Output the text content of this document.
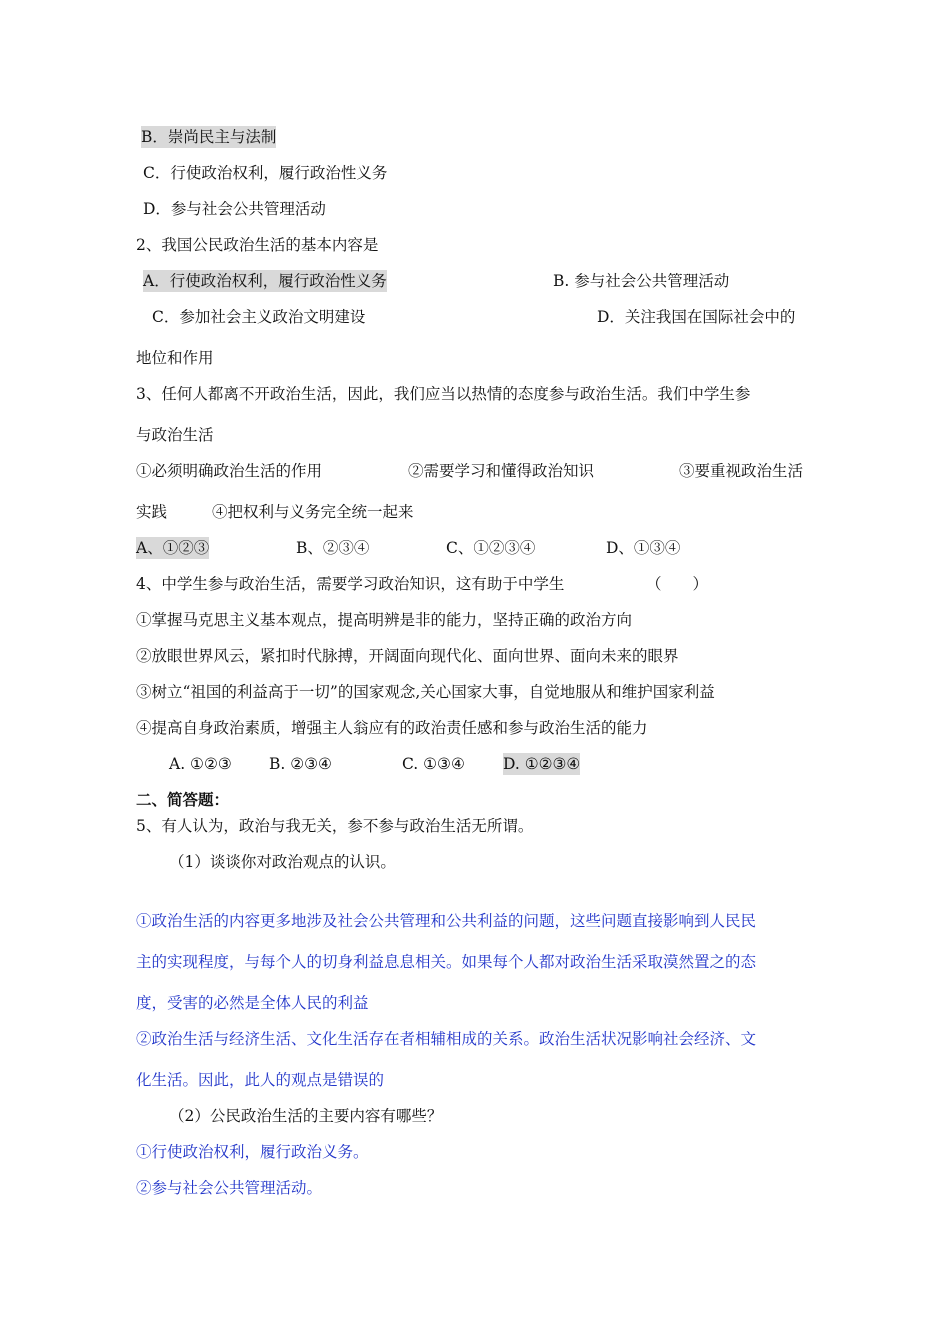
B．崇尚民主与法制
C．行使政治权利，履行政治性义务
D．参与社会公共管理活动
2、我国公民政治生活的基本内容是
A．行使政治权利，履行政治性义务	B. 参与社会公共管理活动
C．参加社会主义政治文明建设	D．关注我国在国际社会中的
地位和作用
3、任何人都离不开政治生活，因此，我们应当以热情的态度参与政治生活。我们中学生参
与政治生活
①必须明确政治生活的作用	②需要学习和懂得政治知识	③要重视政治生活
实践	④把权利与义务完全统一起来
A、①②③	B、②③④	C、①②③④	D、①③④
4、中学生参与政治生活，需要学习政治知识，这有助于中学生	（　　）
①掌握马克思主义基本观点，提高明辨是非的能力，坚持正确的政治方向
②放眼世界风云，紧扣时代脉搏，开阔面向现代化、面向世界、面向未来的眼界
③树立“祖国的利益高于一切”的国家观念,关心国家大事，自觉地服从和维护国家利益
④提高自身政治素质，增强主人翁应有的政治责任感和参与政治生活的能力
A. ①②③ B. ②③④	C. ①③④ D. ①②③④
二、简答题：
5、有人认为，政治与我无关，参不参与政治生活无所谓。
（1）谈谈你对政治观点的认识。
①政治生活的内容更多地涉及社会公共管理和公共利益的问题，这些问题直接影响到人民民
主的实现程度，与每个人的切身利益息息相关。如果每个人都对政治生活采取漠然置之的态
度，受害的必然是全体人民的利益
②政治生活与经济生活、文化生活存在者相辅相成的关系。政治生活状况影响社会经济、文
化生活。因此，此人的观点是错误的
（2）公民政治生活的主要内容有哪些？
①行使政治权利，履行政治义务。
②参与社会公共管理活动。
